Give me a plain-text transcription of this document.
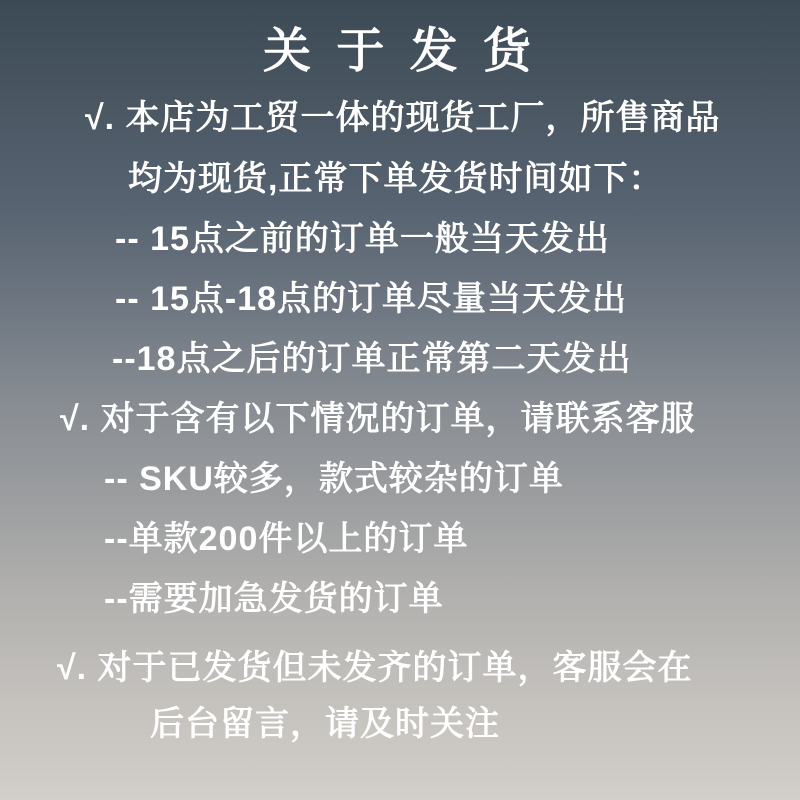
关 于 发 货
√. 本店为工贸一体的现货工厂，所售商品
均为现货,正常下单发货时间如下：
-- 15点之前的订单一般当天发出
-- 15点-18点的订单尽量当天发出
--18点之后的订单正常第二天发出
√. 对于含有以下情况的订单，请联系客服
-- SKU较多，款式较杂的订单
--单款200件以上的订单
--需要加急发货的订单
√. 对于已发货但未发齐的订单，客服会在
后台留言，请及时关注
